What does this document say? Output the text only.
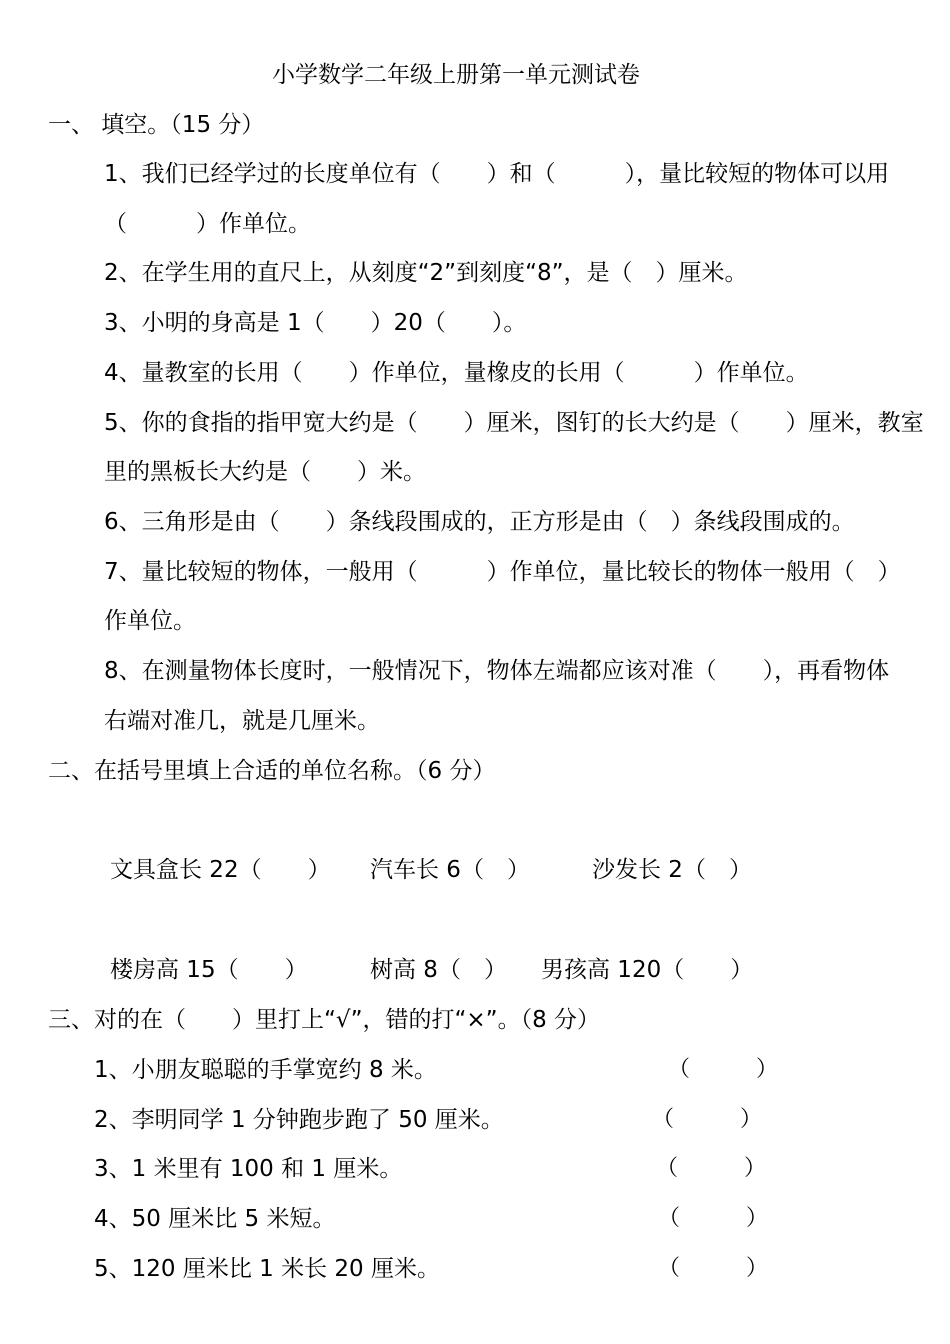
小学数学二年级上册第一单元测试卷
一、 填空。（15 分）
1、我们已经学过的长度单位有（　　）和（　　　），量比较短的物体可以用
（　　　）作单位。
2、在学生用的直尺上，从刻度“2”到刻度“8”，是（　）厘米。
3、小明的身高是 1（　　）20（　　）。
4、量教室的长用（　　）作单位，量橡皮的长用（　　　）作单位。
5、你的食指的指甲宽大约是（　　）厘米，图钉的长大约是（　　）厘米，教室
里的黑板长大约是（　　）米。
6、三角形是由（　　）条线段围成的，正方形是由（　）条线段围成的。
7、量比较短的物体，一般用（　　　）作单位，量比较长的物体一般用（　）
作单位。
8、在测量物体长度时，一般情况下，物体左端都应该对准（　　），再看物体
右端对准几，就是几厘米。
二、在括号里填上合适的单位名称。（6 分）
文具盒长 22（　　） 汽车长 6（　）	沙发长 2（　）
楼房高 15（　　）	树高 8（　） 男孩高 120（　　）
三、对的在（　　）里打上“√”，错的打“×”。（8 分）
1、小朋友聪聪的手掌宽约 8 米。	（　　　）
2、李明同学 1 分钟跑步跑了 50 厘米。	（　　　）
3、1 米里有 100 和 1 厘米。	（　　　）
4、50 厘米比 5 米短。	（　　　）
5、120 厘米比 1 米长 20 厘米。	（　　　）
